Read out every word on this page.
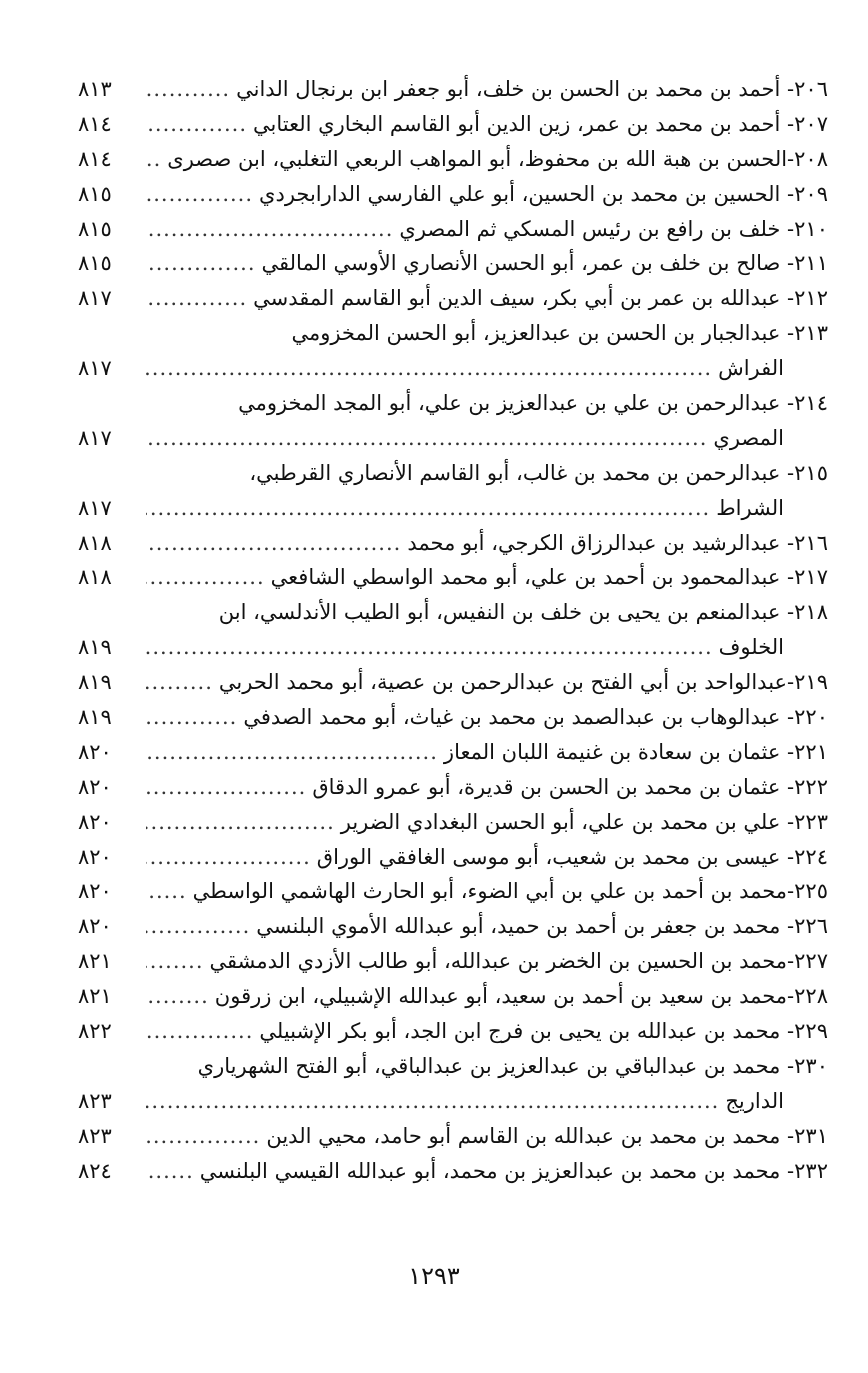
٢٠٦- أحمد بن محمد بن الحسن بن خلف، أبو جعفر ابن برنجال الداني
.....
٨١٣
٢٠٧- أحمد بن محمد بن عمر، زين الدين أبو القاسم البخاري العتابي
.....
٨١٤
٢٠٨-الحسن بن هبة الله بن محفوظ، أبو المواهب الربعي التغلبي، ابن صصرى
.....
٨١٤
٢٠٩- الحسين بن محمد بن الحسين، أبو علي الفارسي الدارابجردي
.....
٨١٥
٢١٠- خلف بن رافع بن رئيس المسكي ثم المصري
.....
٨١٥
٢١١- صالح بن خلف بن عمر، أبو الحسن الأنصاري الأوسي المالقي
.....
٨١٥
٢١٢- عبدالله بن عمر بن أبي بكر، سيف الدين أبو القاسم المقدسي
.....
٨١٧
٢١٣- عبدالجبار بن الحسن بن عبدالعزيز، أبو الحسن المخزومي
الفراش
.....
٨١٧
٢١٤- عبدالرحمن بن علي بن عبدالعزيز بن علي، أبو المجد المخزومي
المصري
.....
٨١٧
٢١٥- عبدالرحمن بن محمد بن غالب، أبو القاسم الأنصاري القرطبي،
الشراط
.....
٨١٧
٢١٦- عبدالرشيد بن عبدالرزاق الكرجي، أبو محمد
.....
٨١٨
٢١٧- عبدالمحمود بن أحمد بن علي، أبو محمد الواسطي الشافعي
.....
٨١٨
٢١٨- عبدالمنعم بن يحيى بن خلف بن النفيس، أبو الطيب الأندلسي، ابن
الخلوف
.....
٨١٩
٢١٩-عبدالواحد بن أبي الفتح بن عبدالرحمن بن عصية، أبو محمد الحربي
.....
٨١٩
٢٢٠- عبدالوهاب بن عبدالصمد بن محمد بن غياث، أبو محمد الصدفي
.....
٨١٩
٢٢١- عثمان بن سعادة بن غنيمة اللبان المعاز
.....
٨٢٠
٢٢٢- عثمان بن محمد بن الحسن بن قديرة، أبو عمرو الدقاق
.....
٨٢٠
٢٢٣- علي بن محمد بن علي، أبو الحسن البغدادي الضرير
.....
٨٢٠
٢٢٤- عيسى بن محمد بن شعيب، أبو موسى الغافقي الوراق
.....
٨٢٠
٢٢٥-محمد بن أحمد بن علي بن أبي الضوء، أبو الحارث الهاشمي الواسطي
.....
٨٢٠
٢٢٦- محمد بن جعفر بن أحمد بن حميد، أبو عبدالله الأموي البلنسي
.....
٨٢٠
٢٢٧-محمد بن الحسين بن الخضر بن عبدالله، أبو طالب الأزدي الدمشقي
.....
٨٢١
٢٢٨-محمد بن سعيد بن أحمد بن سعيد، أبو عبدالله الإشبيلي، ابن زرقون
.....
٨٢١
٢٢٩- محمد بن عبدالله بن يحيى بن فرج ابن الجد، أبو بكر الإشبيلي
.....
٨٢٢
٢٣٠- محمد بن عبدالباقي بن عبدالعزيز بن عبدالباقي، أبو الفتح الشهرياري
الداريج
.....
٨٢٣
٢٣١- محمد بن محمد بن عبدالله بن القاسم أبو حامد، محيي الدين
.....
٨٢٣
٢٣٢- محمد بن محمد بن عبدالعزيز بن محمد، أبو عبدالله القيسي البلنسي
.....
٨٢٤
١٢٩٣
